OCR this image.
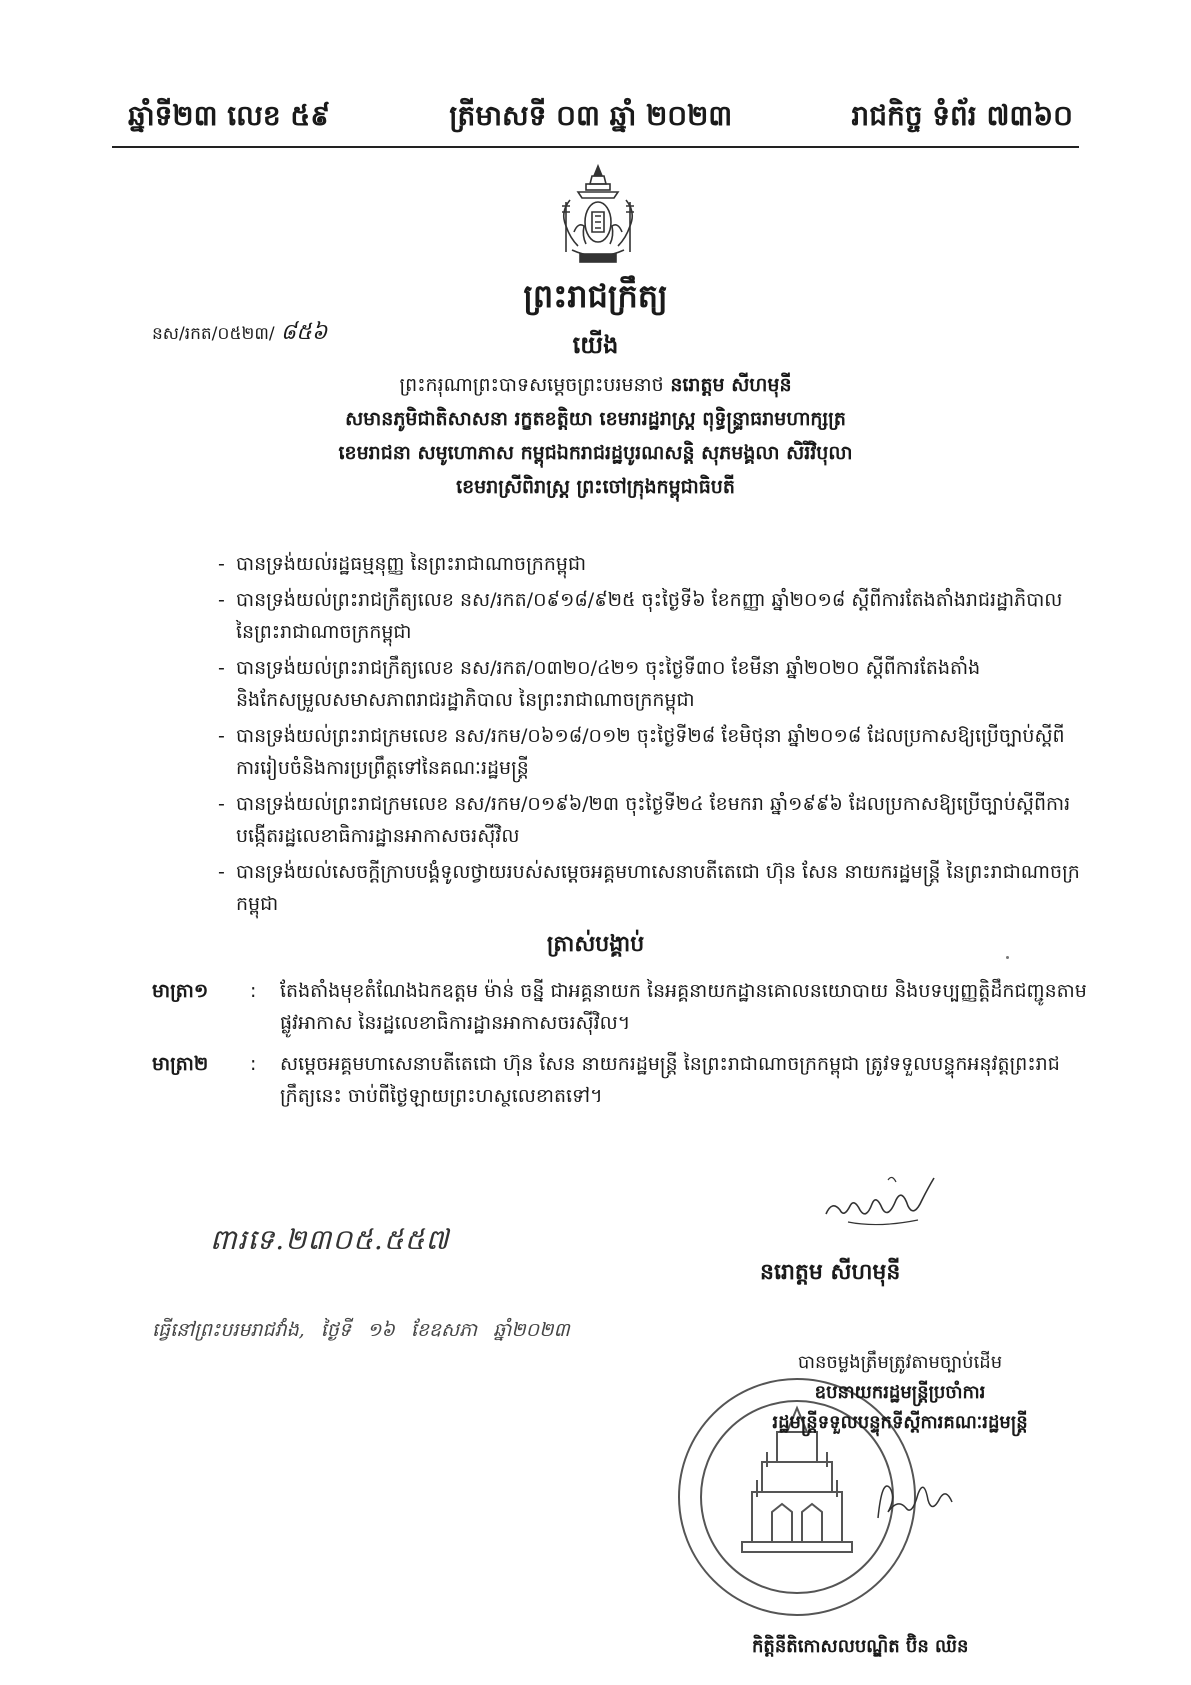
ឆ្នាំទី២៣ លេខ ៥៩	ត្រីមាសទី ០៣ ឆ្នាំ ២០២៣	រាជកិច្ច ទំព័រ ៧៣៦០
ព្រះរាជក្រឹត្យ
នស/រកត/០៥២៣/ ៨៥៦	យើង
ព្រះករុណាព្រះបាទសម្តេចព្រះបរមនាថ នរោត្តម សីហមុនី
សមានភូមិជាតិសាសនា រក្ខតខត្តិយា ខេមរារដ្ឋរាស្ត្រ ពុទ្ធិន្ទ្រាធរាមហាក្សត្រ
ខេមរាជនា សមូហោភាស កម្ពុជឯករាជរដ្ឋបូរណសន្តិ សុភមង្គលា សិរីវិបុលា
ខេមរាស្រីពិរាស្ត្រ ព្រះចៅក្រុងកម្ពុជាធិបតី
- បានទ្រង់យល់រដ្ឋធម្មនុញ្ញ នៃព្រះរាជាណាចក្រកម្ពុជា
- បានទ្រង់យល់ព្រះរាជក្រឹត្យលេខ នស/រកត/០៩១៨/៩២៥ ចុះថ្ងៃទី៦ ខែកញ្ញា ឆ្នាំ២០១៨ ស្តីពីការតែងតាំងរាជរដ្ឋាភិបាល នៃព្រះរាជាណាចក្រកម្ពុជា
- បានទ្រង់យល់ព្រះរាជក្រឹត្យលេខ នស/រកត/០៣២០/៤២១ ចុះថ្ងៃទី៣០ ខែមីនា ឆ្នាំ២០២០ ស្តីពីការតែងតាំង និងកែសម្រួលសមាសភាពរាជរដ្ឋាភិបាល នៃព្រះរាជាណាចក្រកម្ពុជា
- បានទ្រង់យល់ព្រះរាជក្រមលេខ នស/រកម/០៦១៨/០១២ ចុះថ្ងៃទី២៨ ខែមិថុនា ឆ្នាំ២០១៨ ដែលប្រកាសឱ្យប្រើច្បាប់ស្តីពីការរៀបចំនិងការប្រព្រឹត្តទៅនៃគណៈរដ្ឋមន្ត្រី
- បានទ្រង់យល់ព្រះរាជក្រមលេខ នស/រកម/០១៩៦/២៣ ចុះថ្ងៃទី២៤ ខែមករា ឆ្នាំ១៩៩៦ ដែលប្រកាសឱ្យប្រើច្បាប់ស្តីពីការបង្កើតរដ្ឋលេខាធិការដ្ឋានអាកាសចរស៊ីវិល
- បានទ្រង់យល់សេចក្តីក្រាបបង្គំទូលថ្វាយរបស់សម្តេចអគ្គមហាសេនាបតីតេជោ ហ៊ុន សែន នាយករដ្ឋមន្ត្រី នៃព្រះរាជាណាចក្រកម្ពុជា
ត្រាស់បង្គាប់
មាត្រា១	:	តែងតាំងមុខតំណែងឯកឧត្តម ម៉ាន់ ចន្នី ជាអគ្គនាយក នៃអគ្គនាយកដ្ឋានគោលនយោបាយ និងបទប្បញ្ញត្តិដឹកជញ្ជូនតាមផ្លូវអាកាស នៃរដ្ឋលេខាធិការដ្ឋានអាកាសចរស៊ីវិល។
មាត្រា២	:	សម្តេចអគ្គមហាសេនាបតីតេជោ ហ៊ុន សែន នាយករដ្ឋមន្ត្រី នៃព្រះរាជាណាចក្រកម្ពុជា ត្រូវទទួលបន្ទុកអនុវត្តព្រះរាជក្រឹត្យនេះ ចាប់ពីថ្ងៃឡាយព្រះហស្ថលេខាតទៅ។
ពារទេ.២៣០៥.៥៥៧
នរោត្តម សីហមុនី
ធ្វើនៅព្រះបរមរាជវាំង, ថ្ងៃទី ១៦ ខែឧសភា ឆ្នាំ២០២៣
បានចម្លងត្រឹមត្រូវតាមច្បាប់ដើម
ឧបនាយករដ្ឋមន្ត្រីប្រចាំការ
រដ្ឋមន្ត្រីទទួលបន្ទុកទីស្តីការគណៈរដ្ឋមន្ត្រី
កិត្តិនីតិកោសលបណ្ឌិត ប៊ិន ឈិន
